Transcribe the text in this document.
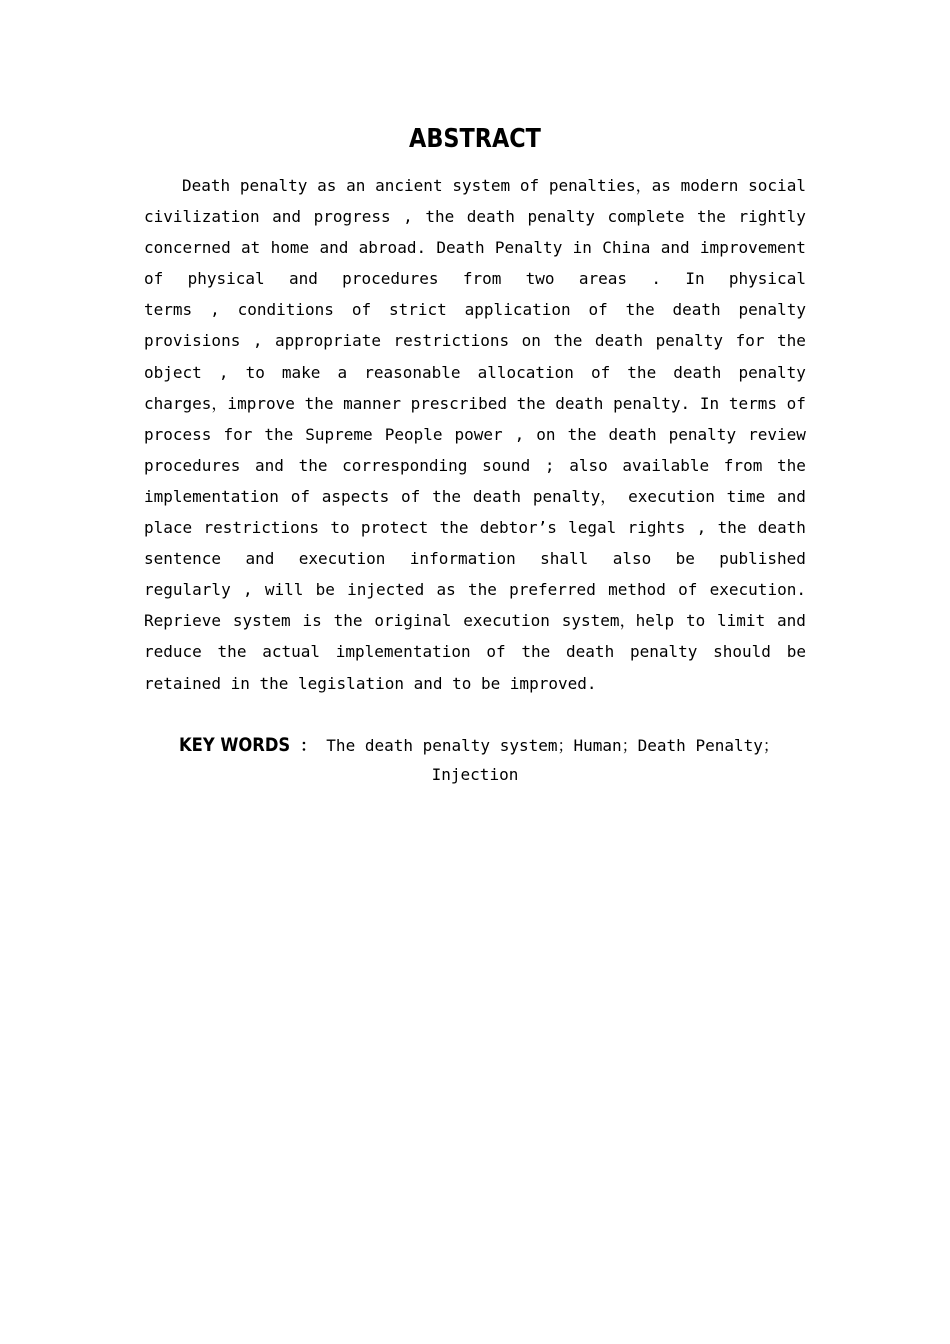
ABSTRACT
Death penalty as an ancient system of penalties，as modern social
civilization and progress , the death penalty complete the rightly
concerned at home and abroad. Death Penalty in China and improvement
of physical and procedures from two areas . In physical
terms , conditions of strict application of the death penalty
provisions , appropriate restrictions on the death penalty for the
object , to make a reasonable allocation of the death penalty
charges，improve the manner prescribed the death penalty. In terms of
process for the Supreme People power , on the death penalty review
procedures and the corresponding sound ; also available from the
implementation of aspects of the death penalty， execution time and
place restrictions to protect the debtor’s legal rights , the death
sentence and execution information shall also be published
regularly , will be injected as the preferred method of execution.
Reprieve system is the original execution system，help to limit and
reduce the actual implementation of the death penalty should be
retained in the legislation and to be improved.
KEY WORDS ： The death penalty system；Human；Death Penalty；
Injection
